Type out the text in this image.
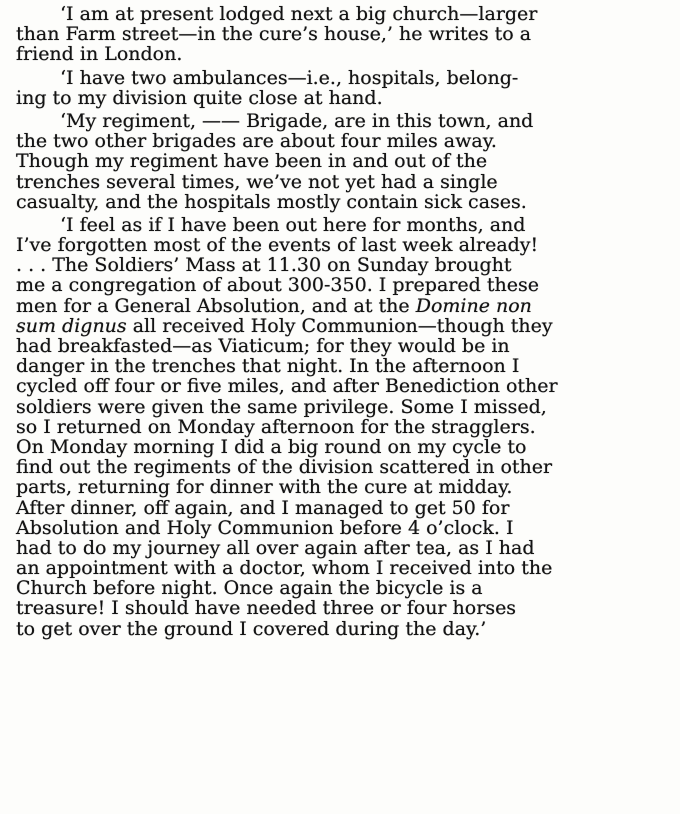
‘I am at present lodged next a big church—larger
than Farm street—in the cure’s house,’ he writes to a
friend in London.
‘I have two ambulances—i.e., hospitals, belong-
ing to my division quite close at hand.
‘My regiment, —— Brigade, are in this town, and
the two other brigades are about four miles away.
Though my regiment have been in and out of the
trenches several times, we’ve not yet had a single
casualty, and the hospitals mostly contain sick cases.
‘I feel as if I have been out here for months, and
I’ve forgotten most of the events of last week already!
. . . The Soldiers’ Mass at 11.30 on Sunday brought
me a congregation of about 300-350. I prepared these
men for a General Absolution, and at the Domine non
sum dignus all received Holy Communion—though they
had breakfasted—as Viaticum; for they would be in
danger in the trenches that night. In the afternoon I
cycled off four or five miles, and after Benediction other
soldiers were given the same privilege. Some I missed,
so I returned on Monday afternoon for the stragglers.
On Monday morning I did a big round on my cycle to
find out the regiments of the division scattered in other
parts, returning for dinner with the cure at midday.
After dinner, off again, and I managed to get 50 for
Absolution and Holy Communion before 4 o’clock. I
had to do my journey all over again after tea, as I had
an appointment with a doctor, whom I received into the
Church before night. Once again the bicycle is a
treasure! I should have needed three or four horses
to get over the ground I covered during the day.’
